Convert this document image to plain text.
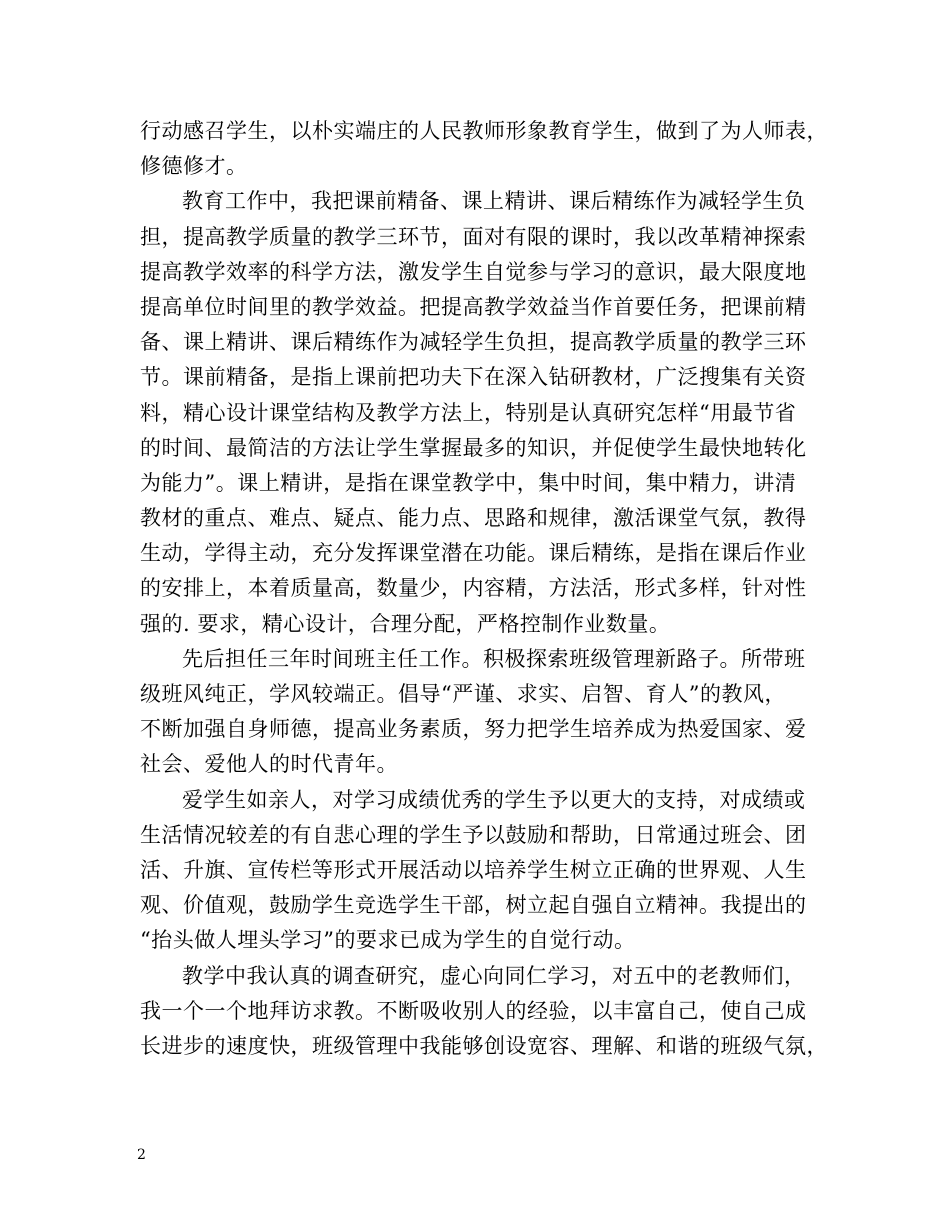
行动感召学生，以朴实端庄的人民教师形象教育学生，做到了为人师表，
修德修才。
教育工作中，我把课前精备、课上精讲、课后精练作为减轻学生负
担，提高教学质量的教学三环节，面对有限的课时，我以改革精神探索
提高教学效率的科学方法，激发学生自觉参与学习的意识，最大限度地
提高单位时间里的教学效益。把提高教学效益当作首要任务，把课前精
备、课上精讲、课后精练作为减轻学生负担，提高教学质量的教学三环
节。课前精备，是指上课前把功夫下在深入钻研教材，广泛搜集有关资
料，精心设计课堂结构及教学方法上，特别是认真研究怎样“用最节省
的时间、最简洁的方法让学生掌握最多的知识，并促使学生最快地转化
为能力”。课上精讲，是指在课堂教学中，集中时间，集中精力，讲清
教材的重点、难点、疑点、能力点、思路和规律，激活课堂气氛，教得
生动，学得主动，充分发挥课堂潜在功能。课后精练，是指在课后作业
的安排上，本着质量高，数量少，内容精，方法活，形式多样，针对性
强的. 要求，精心设计，合理分配，严格控制作业数量。
先后担任三年时间班主任工作。积极探索班级管理新路子。所带班
级班风纯正，学风较端正。倡导“严谨、求实、启智、育人”的教风，
不断加强自身师德，提高业务素质，努力把学生培养成为热爱国家、爱
社会、爱他人的时代青年。
爱学生如亲人，对学习成绩优秀的学生予以更大的支持，对成绩或
生活情况较差的有自悲心理的学生予以鼓励和帮助，日常通过班会、团
活、升旗、宣传栏等形式开展活动以培养学生树立正确的世界观、人生
观、价值观，鼓励学生竞选学生干部，树立起自强自立精神。我提出的
“抬头做人埋头学习”的要求已成为学生的自觉行动。
教学中我认真的调查研究，虚心向同仁学习，对五中的老教师们，
我一个一个地拜访求教。不断吸收别人的经验，以丰富自己，使自己成
长进步的速度快，班级管理中我能够创设宽容、理解、和谐的班级气氛，
2
